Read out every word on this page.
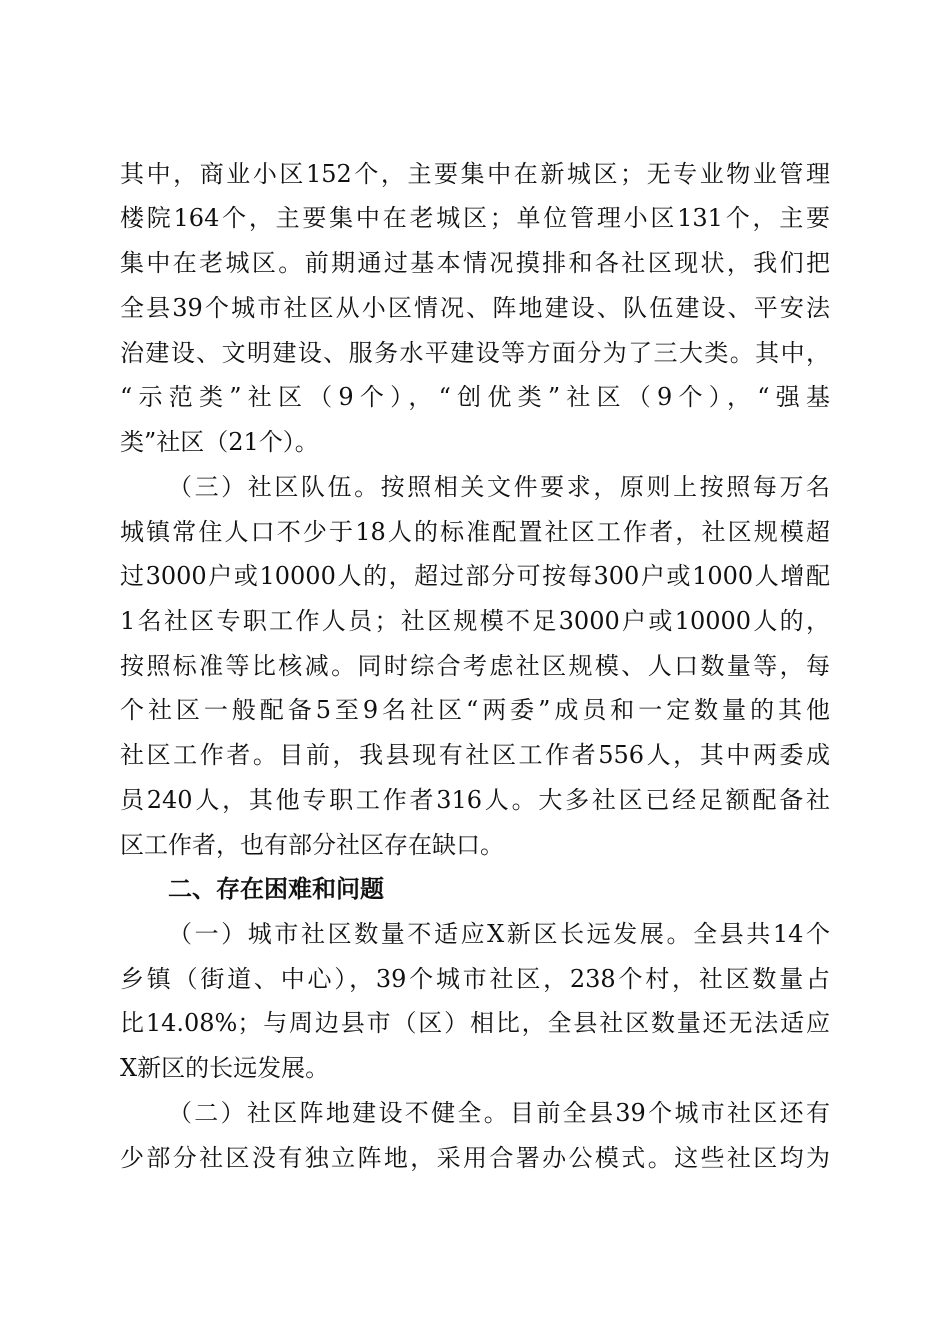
其中，商业小区152个，主要集中在新城区；无专业物业管理
楼院164个，主要集中在老城区；单位管理小区131个，主要
集中在老城区。前期通过基本情况摸排和各社区现状，我们把
全县39个城市社区从小区情况、阵地建设、队伍建设、平安法
治建设、文明建设、服务水平建设等方面分为了三大类。其中，
“示范类”社区（9个），“创优类”社区（9个），“强基
类”社区（21个）。
（三）社区队伍。按照相关文件要求，原则上按照每万名
城镇常住人口不少于18人的标准配置社区工作者，社区规模超
过3000户或10000人的，超过部分可按每300户或1000人增配
1名社区专职工作人员；社区规模不足3000户或10000人的，
按照标准等比核减。同时综合考虑社区规模、人口数量等，每
个社区一般配备5至9名社区“两委”成员和一定数量的其他
社区工作者。目前，我县现有社区工作者556人，其中两委成
员240人，其他专职工作者316人。大多社区已经足额配备社
区工作者，也有部分社区存在缺口。
二、存在困难和问题
（一）城市社区数量不适应X新区长远发展。全县共14个
乡镇（街道、中心），39个城市社区，238个村，社区数量占
比14.08%；与周边县市（区）相比，全县社区数量还无法适应
X新区的长远发展。
（二）社区阵地建设不健全。目前全县39个城市社区还有
少部分社区没有独立阵地，采用合署办公模式。这些社区均为
